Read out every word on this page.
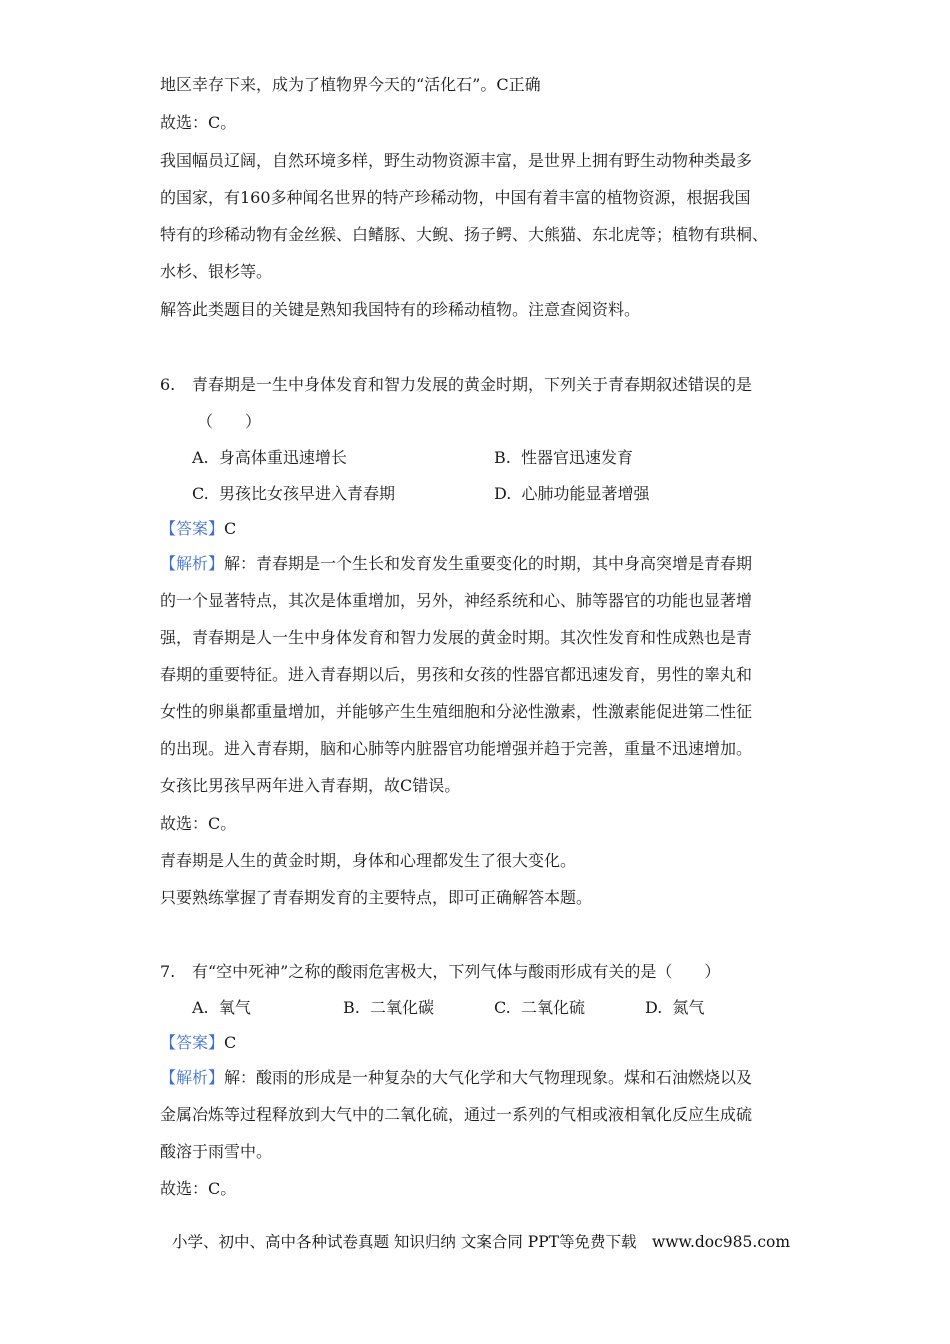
地区幸存下来，成为了植物界今天的“活化石”。C正确
故选：C。
我国幅员辽阔，自然环境多样，野生动物资源丰富，是世界上拥有野生动物种类最多
的国家，有160多种闻名世界的特产珍稀动物，中国有着丰富的植物资源，根据我国
特有的珍稀动物有金丝猴、白鳍豚、大鲵、扬子鳄、大熊猫、东北虎等；植物有珙桐、
水杉、银杉等。
解答此类题目的关键是熟知我国特有的珍稀动植物。注意查阅资料。
6. 青春期是一生中身体发育和智力发展的黄金时期，下列关于青春期叙述错误的是
（　　）
A. 身高体重迅速增长	B. 性器官迅速发育
C. 男孩比女孩早进入青春期	D. 心肺功能显著增强
【答案】C
【解析】解：青春期是一个生长和发育发生重要变化的时期，其中身高突增是青春期
的一个显著特点，其次是体重增加，另外，神经系统和心、肺等器官的功能也显著增
强，青春期是人一生中身体发育和智力发展的黄金时期。其次性发育和性成熟也是青
春期的重要特征。进入青春期以后，男孩和女孩的性器官都迅速发育，男性的睾丸和
女性的卵巢都重量增加，并能够产生生殖细胞和分泌性激素，性激素能促进第二性征
的出现。进入青春期，脑和心肺等内脏器官功能增强并趋于完善，重量不迅速增加。
女孩比男孩早两年进入青春期，故C错误。
故选：C。
青春期是人生的黄金时期，身体和心理都发生了很大变化。
只要熟练掌握了青春期发育的主要特点，即可正确解答本题。
7. 有“空中死神”之称的酸雨危害极大，下列气体与酸雨形成有关的是（　　）
A. 氧气	B. 二氧化碳	C. 二氧化硫	D. 氮气
【答案】C
【解析】解：酸雨的形成是一种复杂的大气化学和大气物理现象。煤和石油燃烧以及
金属冶炼等过程释放到大气中的二氧化硫，通过一系列的气相或液相氧化反应生成硫
酸溶于雨雪中。
故选：C。
小学、初中、高中各种试卷真题 知识归纳 文案合同 PPT等免费下载　www.doc985.com
